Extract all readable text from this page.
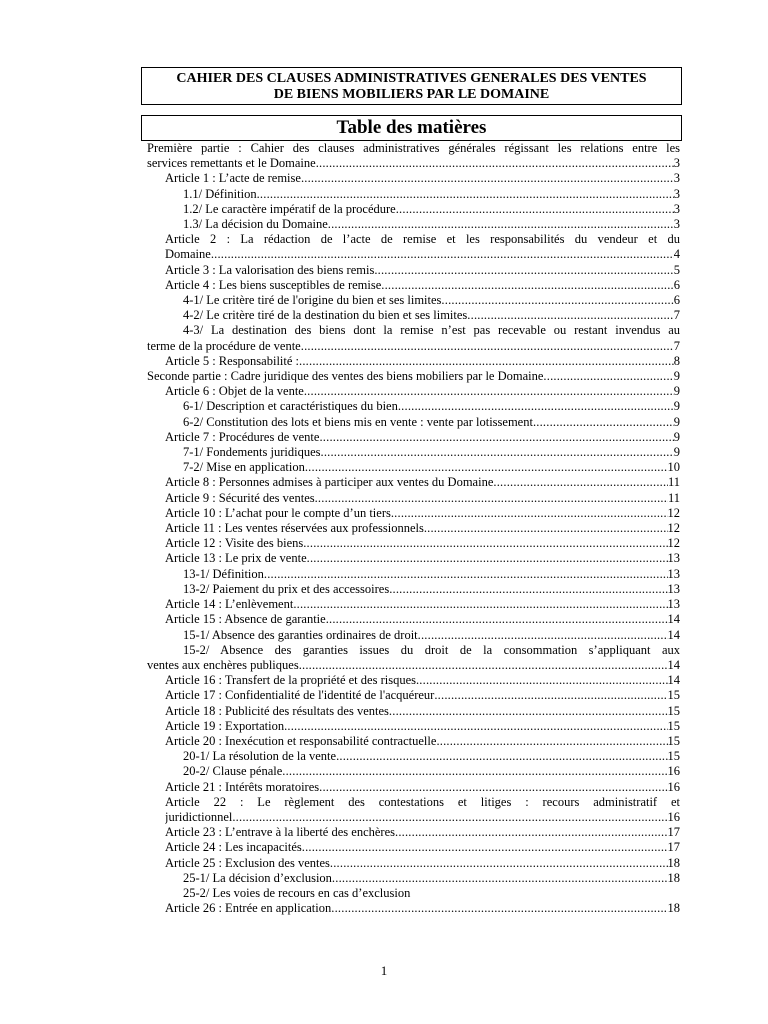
CAHIER DES CLAUSES ADMINISTRATIVES GENERALES DES VENTES
DE BIENS MOBILIERS PAR LE DOMAINE
Table des matières
Première partie : Cahier des clauses administratives générales régissant les relations entre les
services remettants et le Domaine .....	3
Article 1 : L’acte de remise .....	3
1.1/ Définition .....	3
1.2/ Le caractère impératif de la procédure .....	3
1.3/ La décision du Domaine .....	3
Article 2 : La rédaction de l’acte de remise et les responsabilités du vendeur et du
Domaine .....	4
Article 3 : La valorisation des biens remis .....	5
Article 4 : Les biens susceptibles de remise .....	6
4-1/ Le critère tiré de l'origine du bien et ses limites .....	6
4-2/ Le critère tiré de la destination du bien et ses limites .....	7
4-3/ La destination des biens dont la remise n’est pas recevable ou restant invendus au
terme de la procédure de vente .....	7
Article 5 : Responsabilité : .....	8
Seconde partie : Cadre juridique des ventes des biens mobiliers par le Domaine .....	9
Article 6 : Objet de la vente .....	9
6-1/ Description et caractéristiques du bien .....	9
6-2/ Constitution des lots et biens mis en vente : vente par lotissement .....	9
Article 7 : Procédures de vente .....	9
7-1/ Fondements juridiques .....	9
7-2/ Mise en application .....	10
Article 8 : Personnes admises à participer aux ventes du Domaine .....	11
Article 9 : Sécurité des ventes .....	11
Article 10 : L’achat pour le compte d’un tiers .....	12
Article 11 : Les ventes réservées aux professionnels .....	12
Article 12 : Visite des biens .....	12
Article 13 : Le prix de vente .....	13
13-1/ Définition .....	13
13-2/ Paiement du prix et des accessoires .....	13
Article 14 : L’enlèvement .....	13
Article 15 : Absence de garantie .....	14
15-1/ Absence des garanties ordinaires de droit .....	14
15-2/ Absence des garanties issues du droit de la consommation s’appliquant aux
ventes aux enchères publiques .....	14
Article 16 : Transfert de la propriété et des risques .....	14
Article 17 : Confidentialité de l'identité de l'acquéreur .....	15
Article 18 : Publicité des résultats des ventes .....	15
Article 19 : Exportation .....	15
Article 20 : Inexécution et responsabilité contractuelle .....	15
20-1/ La résolution de la vente .....	15
20-2/ Clause pénale .....	16
Article 21 : Intérêts moratoires .....	16
Article 22 : Le règlement des contestations et litiges : recours administratif et
juridictionnel .....	16
Article 23 : L’entrave à la liberté des enchères .....	17
Article 24 : Les incapacités .....	17
Article 25 : Exclusion des ventes .....	18
25-1/ La décision d’exclusion .....	18
25-2/ Les voies de recours en cas d’exclusion
Article 26 : Entrée en application .....	18
1
